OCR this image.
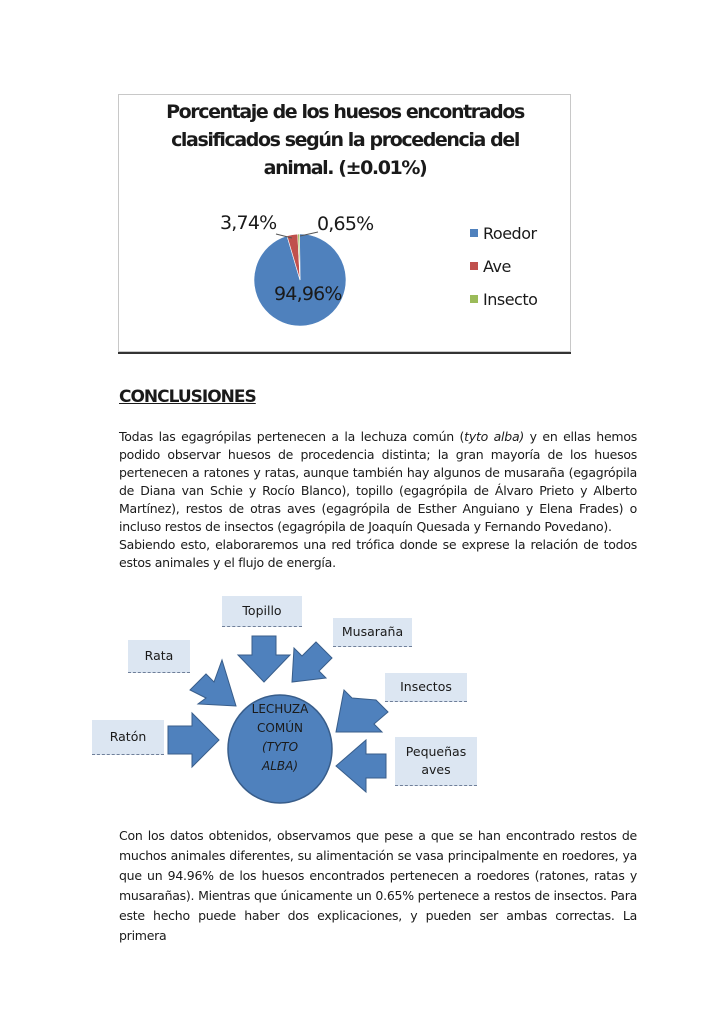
Porcentaje de los huesos encontrados clasificados según la procedencia del animal. (±0.01%)
3,74% 0,65%
94,96%
Roedor
Ave
Insecto
CONCLUSIONES
Todas las egagrópilas pertenecen a la lechuza común (tyto alba) y en ellas hemos podido observar huesos de procedencia distinta; la gran mayoría de los huesos pertenecen a ratones y ratas, aunque también hay algunos de musaraña (egagrópila de Diana van Schie y Rocío Blanco), topillo (egagrópila de Álvaro Prieto y Alberto Martínez), restos de otras aves (egagrópila de Esther Anguiano y Elena Frades) o incluso restos de insectos (egagrópila de Joaquín Quesada y Fernando Povedano).
Sabiendo esto, elaboraremos una red trófica donde se exprese la relación de todos estos animales y el flujo de energía.
LECHUZA
COMÚN
(TYTO
ALBA)
Topillo
Musaraña
Rata
Insectos
Ratón
Pequeñas
aves
Con los datos obtenidos, observamos que pese a que se han encontrado restos de muchos animales diferentes, su alimentación se vasa principalmente en roedores, ya que un 94.96% de los huesos encontrados pertenecen a roedores (ratones, ratas y musarañas). Mientras que únicamente un 0.65% pertenece a restos de insectos. Para este hecho puede haber dos explicaciones, y pueden ser ambas correctas. La primera
